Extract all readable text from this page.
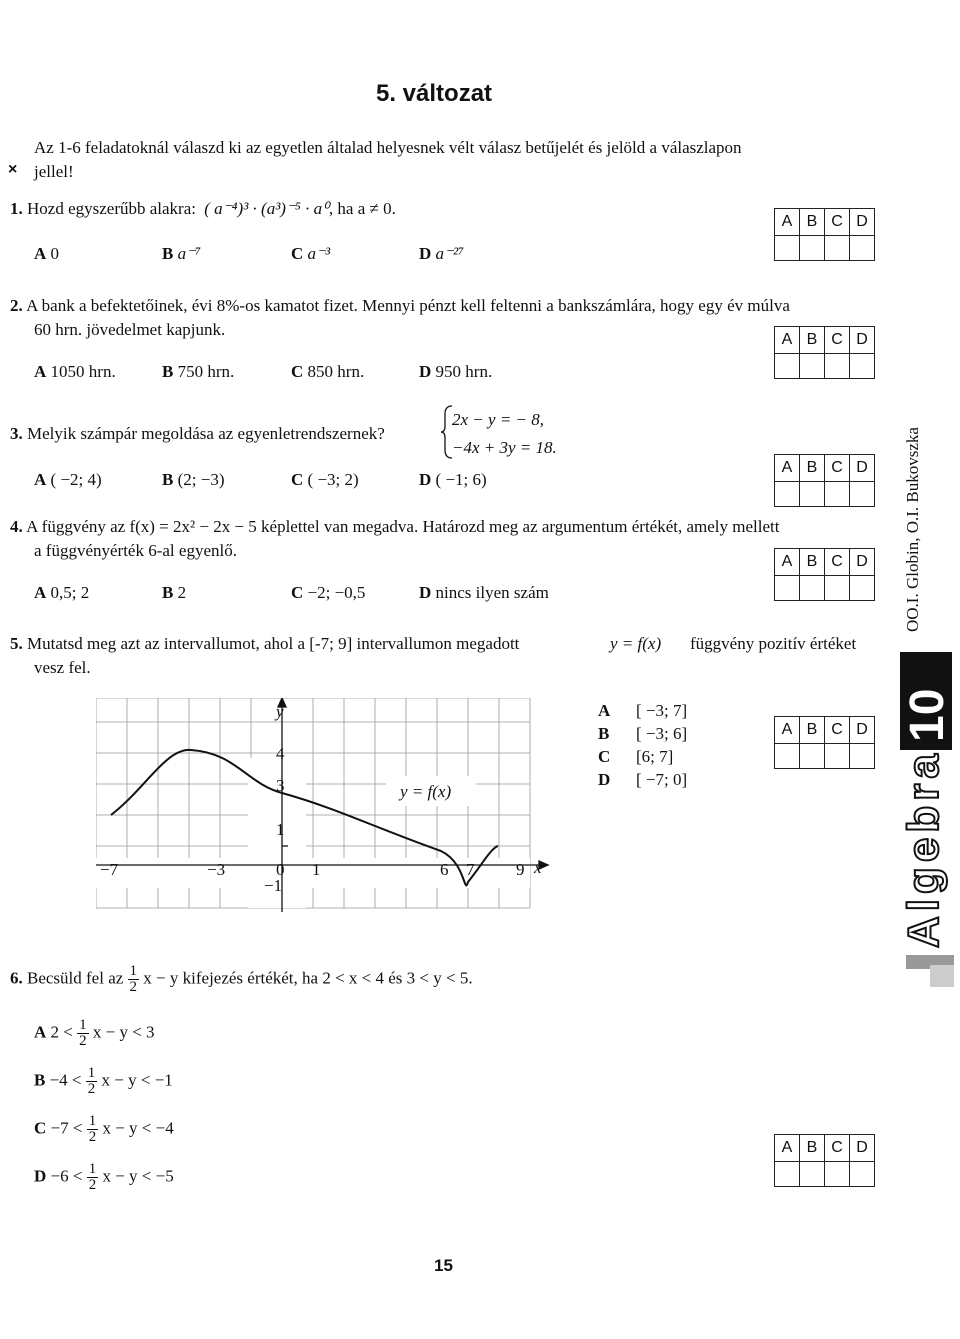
5. változat
Az 1-6 feladatoknál válaszd ki az egyetlen általad helyesnek vélt válasz betűjelét és jelöld a válaszlapon
× jellel!
1. Hozd egyszerűbb alakra: ( a⁻⁴)³ · (a³)⁻⁵ · a⁰, ha a ≠ 0.
A 0	B a⁻⁷	C a⁻³	D a⁻²⁷
A	B	C	D

2. A bank a befektetőinek, évi 8%-os kamatot fizet. Mennyi pénzt kell feltenni a bankszámlára, hogy egy év múlva
60 hrn. jövedelmet kapjunk.
A 1050 hrn.	B 750 hrn.	C 850 hrn.	D 950 hrn.
A	B	C	D

3. Melyik számpár megoldása az egyenletrendszernek?
2x − y = − 8,
−4x + 3y = 18.
A ( −2; 4)	B (2; −3)	C ( −3; 2)	D ( −1; 6)
A	B	C	D

4. A függvény az f(x) = 2x² − 2x − 5 képlettel van megadva. Határozd meg az argumentum értékét, amely mellett
a függvényérték 6-al egyenlő.
A 0,5; 2	B 2	C −2; −0,5	D nincs ilyen szám
A	B	C	D

5. Mutatsd meg azt az intervallumot, ahol a [-7; 9] intervallumon megadott	y = f(x) függvény pozitív értéket
vesz fel.
y
x
y = f(x)
−7	−3	0 1	6 7 9
4
3
1
−1
A [ −3; 7]
B [ −3; 6]
C [6; 7]
D [ −7; 0]
A	B	C	D

6. Becsüld fel az $\frac{1}{2}$ x − y kifejezés értékét, ha 2 < x < 4 és 3 < y < 5.
A $2 < \frac{1}{2}$ x − y < 3
$B -4 < \frac{1}{2}$ x − y < −1
$C -7 < \frac{1}{2}$ x − y < −4
$D -6 < \frac{1}{2}$ x − y < −5
A	B	C	D

15
OO.I. Globin, O.I. Bukovszka
10
Algebra
